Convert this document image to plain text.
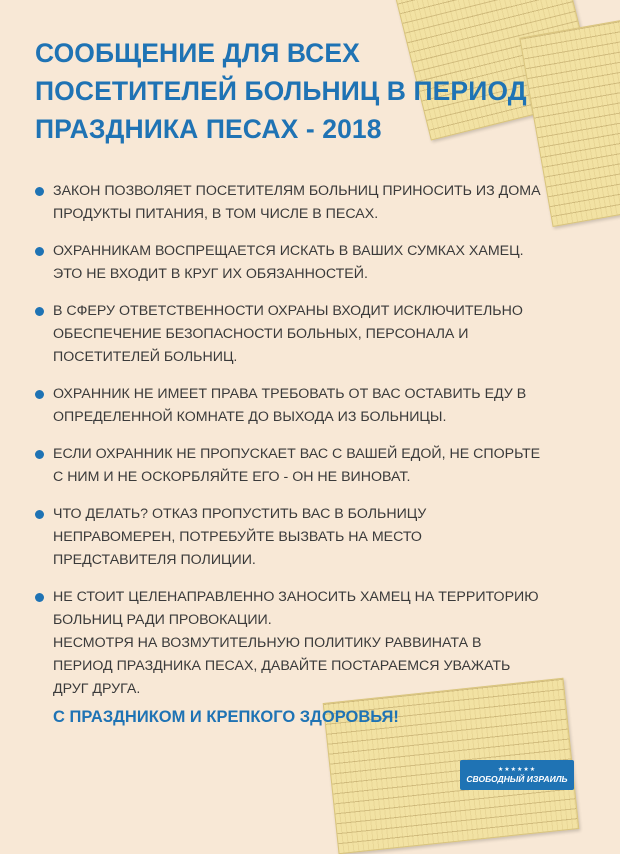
СООБЩЕНИЕ ДЛЯ ВСЕХ
ПОСЕТИТЕЛЕЙ БОЛЬНИЦ В ПЕРИОД
ПРАЗДНИКА ПЕСАХ - 2018
ЗАКОН ПОЗВОЛЯЕТ ПОСЕТИТЕЛЯМ БОЛЬНИЦ ПРИНОСИТЬ ИЗ ДОМА
ПРОДУКТЫ ПИТАНИЯ, В ТОМ ЧИСЛЕ В ПЕСАХ.
ОХРАННИКАМ ВОСПРЕЩАЕТСЯ ИСКАТЬ В ВАШИХ СУМКАХ ХАМЕЦ.
ЭТО НЕ ВХОДИТ В КРУГ ИХ ОБЯЗАННОСТЕЙ.
В СФЕРУ ОТВЕТСТВЕННОСТИ ОХРАНЫ ВХОДИТ ИСКЛЮЧИТЕЛЬНО
ОБЕСПЕЧЕНИЕ БЕЗОПАСНОСТИ БОЛЬНЫХ, ПЕРСОНАЛА И
ПОСЕТИТЕЛЕЙ БОЛЬНИЦ.
ОХРАННИК НЕ ИМЕЕТ ПРАВА ТРЕБОВАТЬ ОТ ВАС ОСТАВИТЬ ЕДУ В
ОПРЕДЕЛЕННОЙ КОМНАТЕ ДО ВЫХОДА ИЗ БОЛЬНИЦЫ.
ЕСЛИ ОХРАННИК НЕ ПРОПУСКАЕТ ВАС С ВАШЕЙ ЕДОЙ, НЕ СПОРЬТЕ
С НИМ И НЕ ОСКОРБЛЯЙТЕ ЕГО - ОН НЕ ВИНОВАТ.
ЧТО ДЕЛАТЬ? ОТКАЗ ПРОПУСТИТЬ ВАС В БОЛЬНИЦУ
НЕПРАВОМЕРЕН, ПОТРЕБУЙТЕ ВЫЗВАТЬ НА МЕСТО
ПРЕДСТАВИТЕЛЯ ПОЛИЦИИ.
НЕ СТОИТ ЦЕЛЕНАПРАВЛЕННО ЗАНОСИТЬ ХАМЕЦ НА ТЕРРИТОРИЮ
БОЛЬНИЦ РАДИ ПРОВОКАЦИИ.
НЕСМОТРЯ НА ВОЗМУТИТЕЛЬНУЮ ПОЛИТИКУ РАВВИНАТА В
ПЕРИОД ПРАЗДНИКА ПЕСАХ, ДАВАЙТЕ ПОСТАРАЕМСЯ УВАЖАТЬ
ДРУГ ДРУГА.
С ПРАЗДНИКОМ И КРЕПКОГО ЗДОРОВЬЯ!
★★★★★★
СВОБОДНЫЙ ИЗРАИЛЬ
